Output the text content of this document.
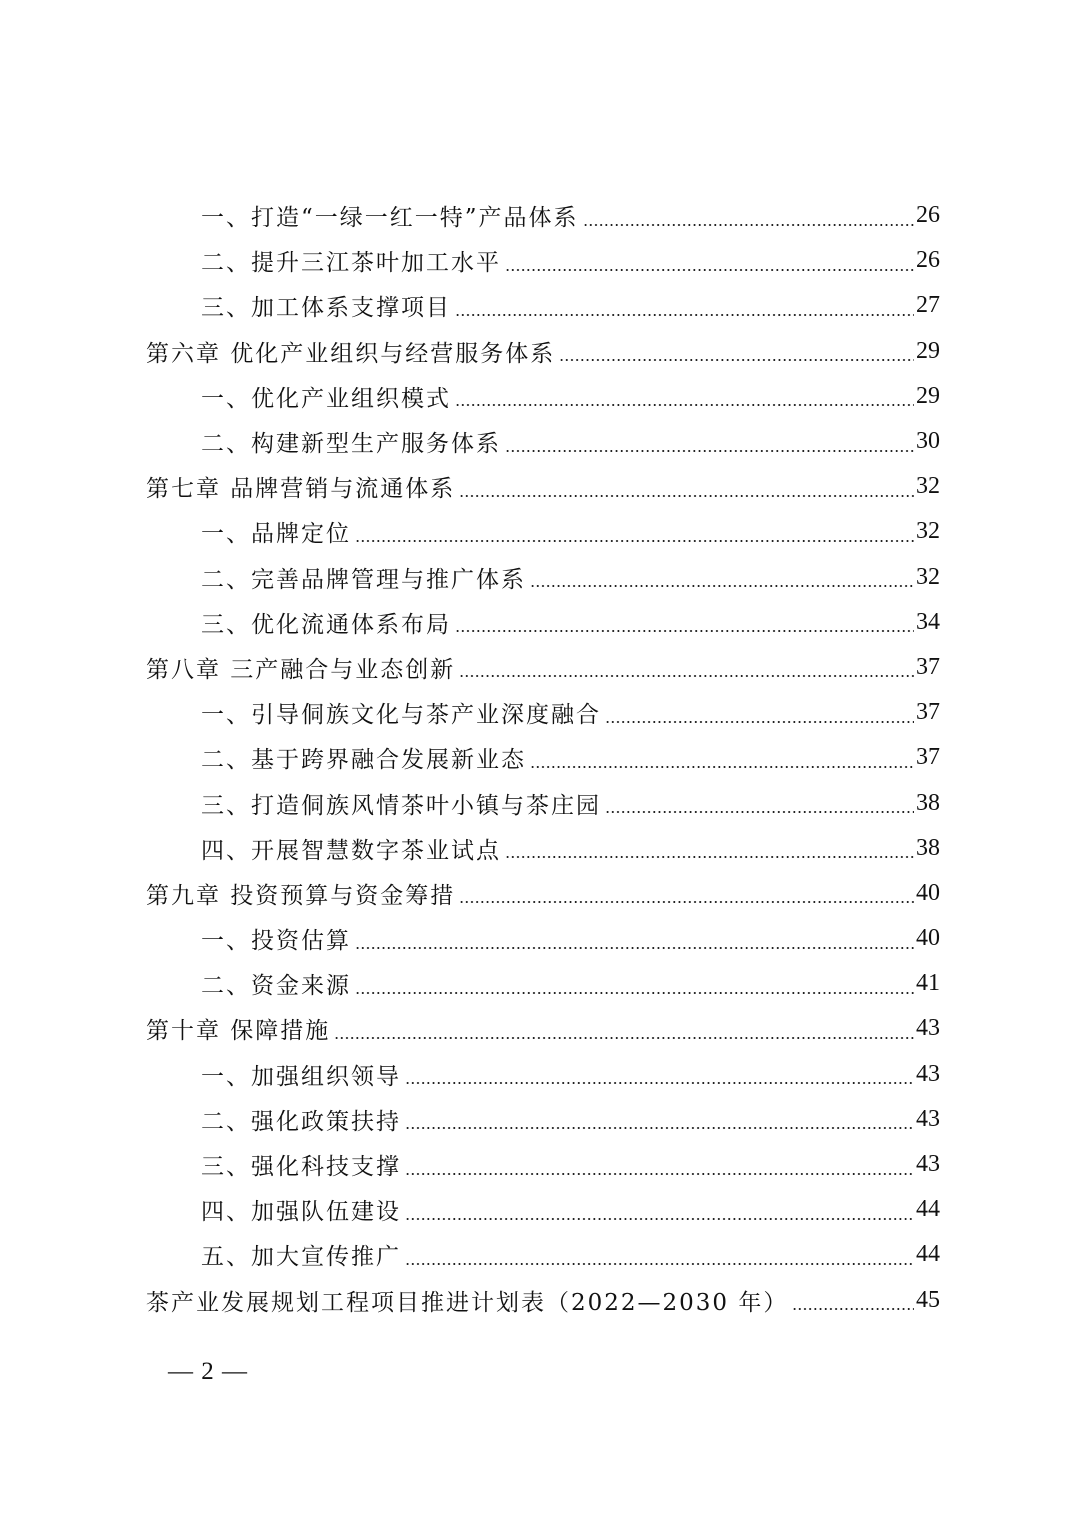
一、打造“一绿一红一特”产品体系	26
二、提升三江茶叶加工水平	26
三、加工体系支撑项目	27
第六章 优化产业组织与经营服务体系	29
一、优化产业组织模式	29
二、构建新型生产服务体系	30
第七章 品牌营销与流通体系	32
一、品牌定位	32
二、完善品牌管理与推广体系	32
三、优化流通体系布局	34
第八章 三产融合与业态创新	37
一、引导侗族文化与茶产业深度融合	37
二、基于跨界融合发展新业态	37
三、打造侗族风情茶叶小镇与茶庄园	38
四、开展智慧数字茶业试点	38
第九章 投资预算与资金筹措	40
一、投资估算	40
二、资金来源	41
第十章 保障措施	43
一、加强组织领导	43
二、强化政策扶持	43
三、强化科技支撑	43
四、加强队伍建设	44
五、加大宣传推广	44
茶产业发展规划工程项目推进计划表（2022—2030 年）	45
— 2 —
